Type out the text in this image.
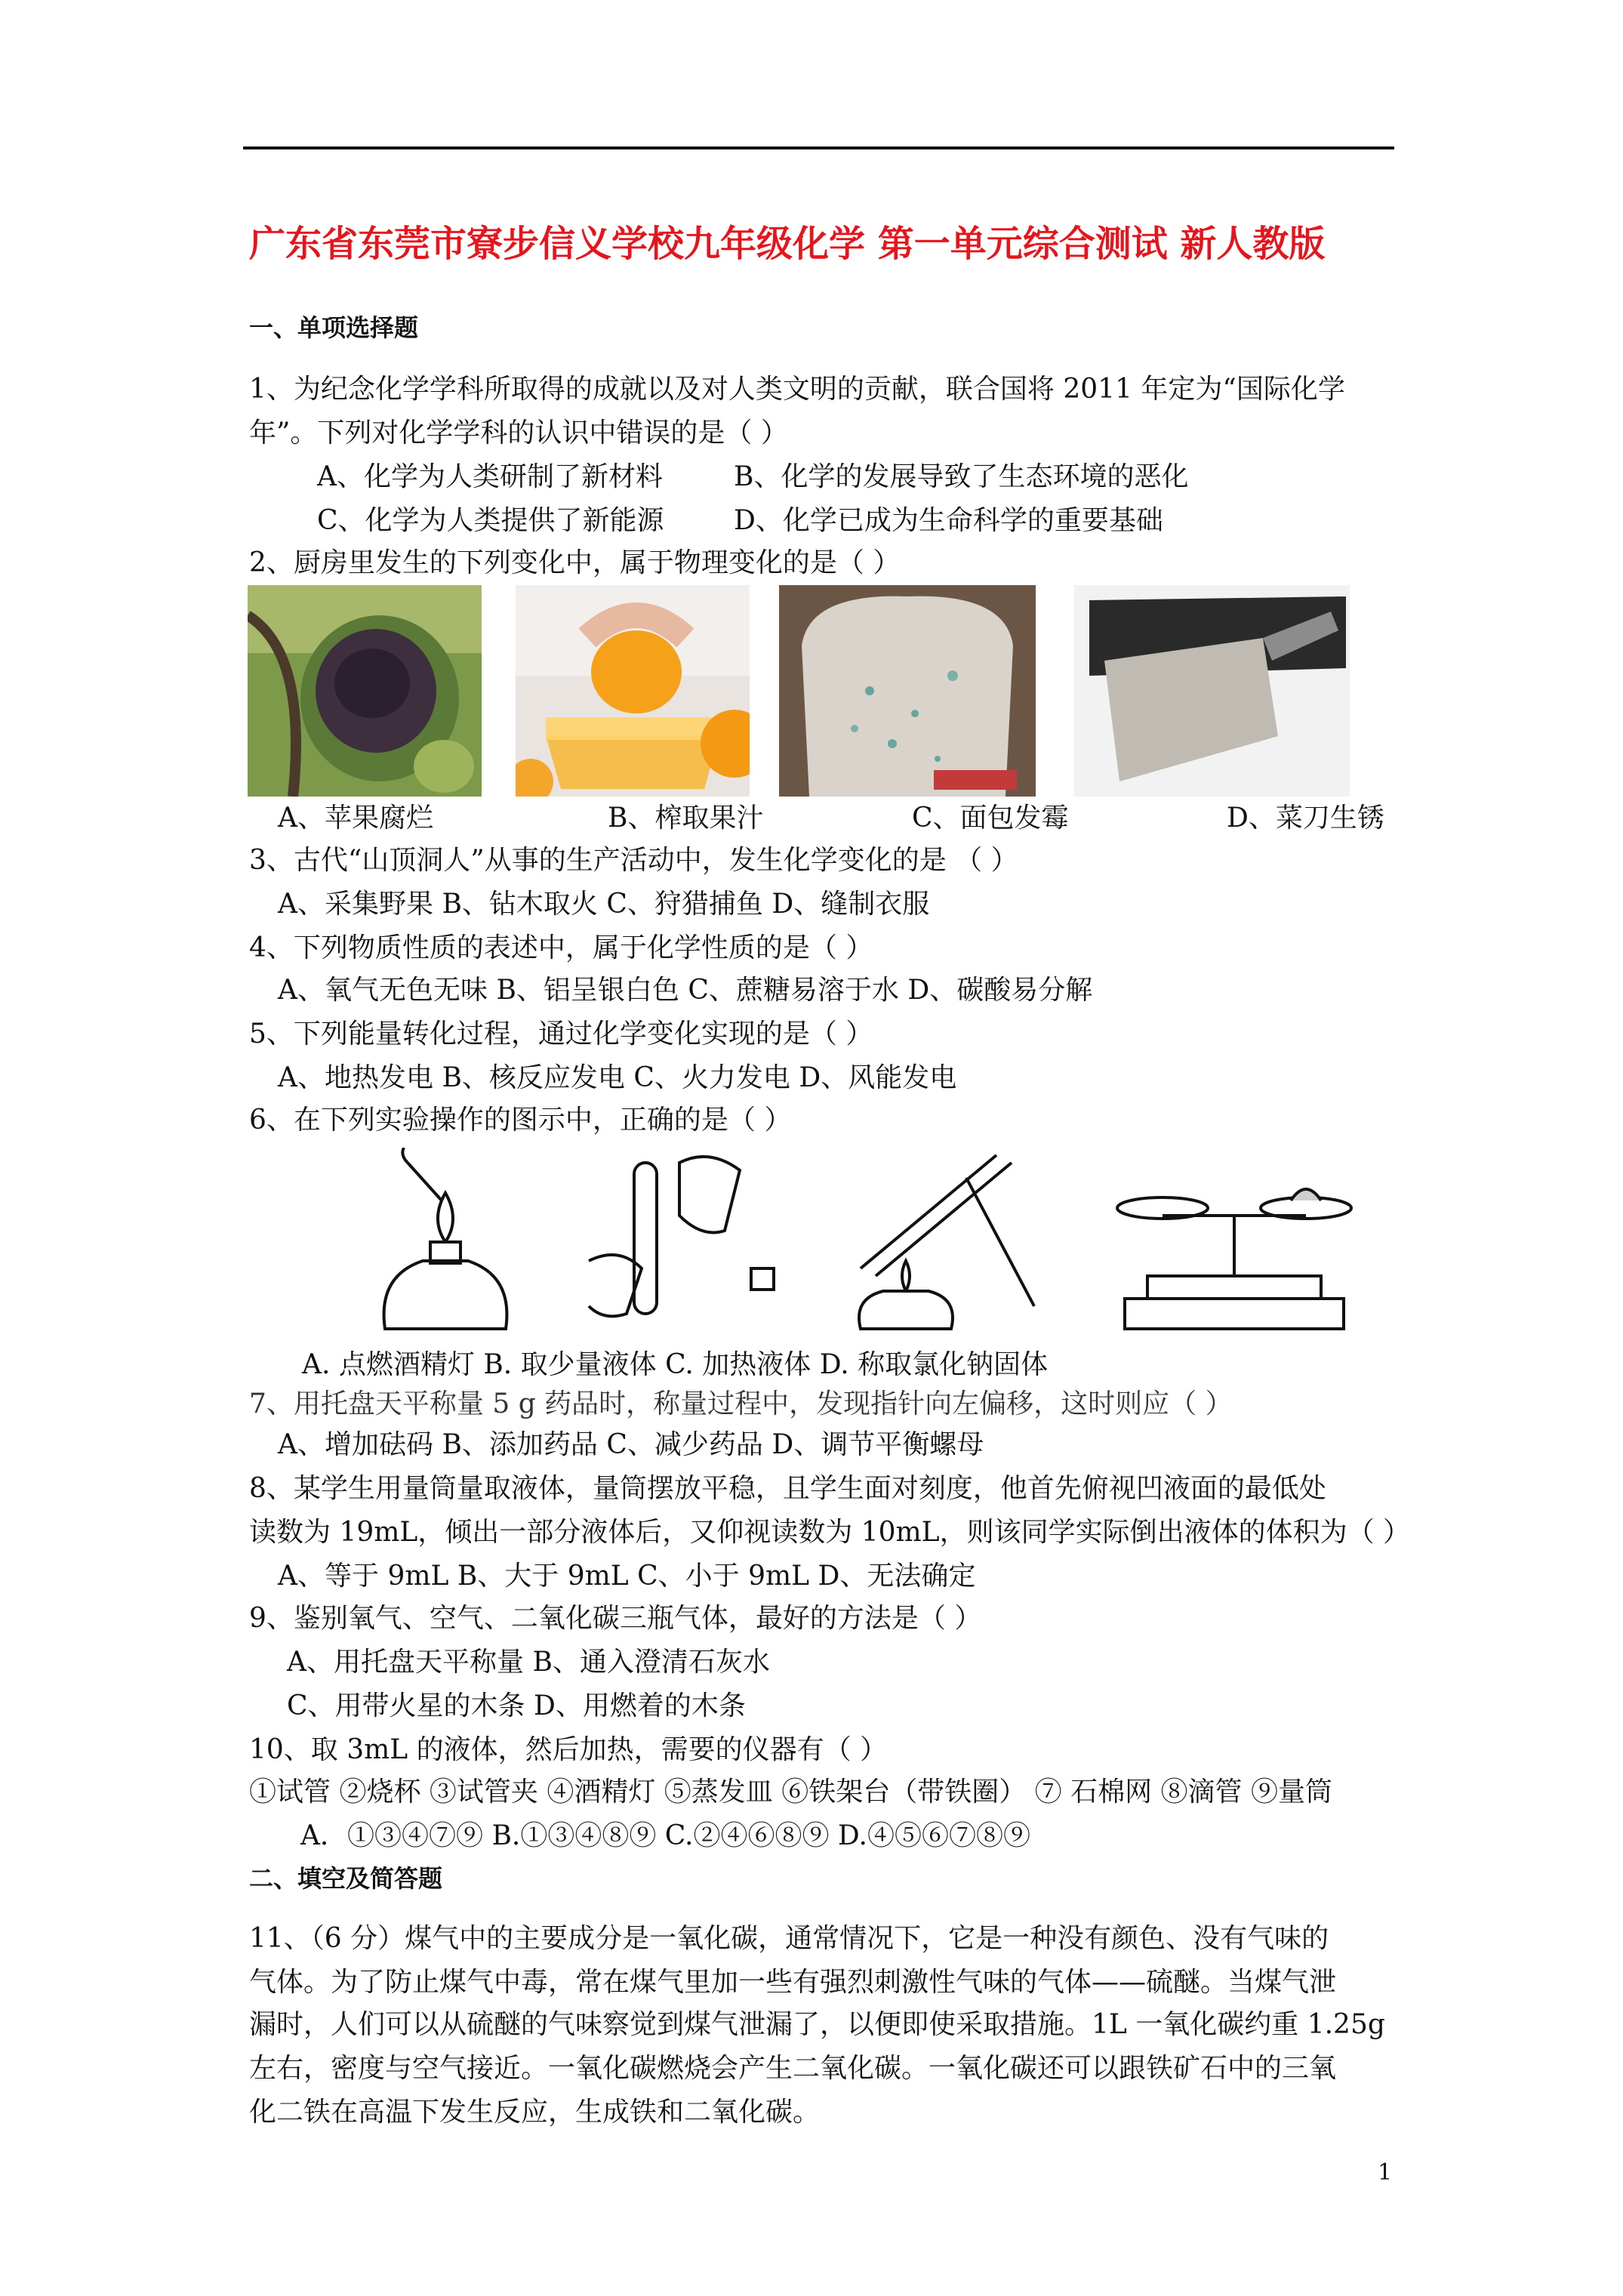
广东省东莞市寮步信义学校九年级化学 第一单元综合测试 新人教版
一、单项选择题
1、为纪念化学学科所取得的成就以及对人类文明的贡献，联合国将 2011 年定为“国际化学
年”。下列对化学学科的认识中错误的是（ ）
A、化学为人类研制了新材料	B、化学的发展导致了生态环境的恶化
C、化学为人类提供了新能源	D、化学已成为生命科学的重要基础
2、厨房里发生的下列变化中，属于物理变化的是（ ）
A、苹果腐烂	B、榨取果汁	C、面包发霉	D、菜刀生锈
3、古代“山顶洞人”从事的生产活动中，发生化学变化的是 （ ）
A、采集野果 B、钻木取火 C、狩猎捕鱼 D、缝制衣服
4、下列物质性质的表述中，属于化学性质的是（ ）
A、氧气无色无味 B、铝呈银白色 C、蔗糖易溶于水 D、碳酸易分解
5、下列能量转化过程，通过化学变化实现的是（ ）
A、地热发电 B、核反应发电 C、火力发电 D、风能发电
6、在下列实验操作的图示中，正确的是（ ）
A. 点燃酒精灯 B. 取少量液体 C. 加热液体 D. 称取氯化钠固体
7、用托盘天平称量 5 g 药品时，称量过程中，发现指针向左偏移，这时则应（ ）
A、增加砝码 B、添加药品 C、减少药品 D、调节平衡螺母
8、某学生用量筒量取液体，量筒摆放平稳，且学生面对刻度，他首先俯视凹液面的最低处
读数为 19mL，倾出一部分液体后，又仰视读数为 10mL，则该同学实际倒出液体的体积为（ ）
A、等于 9mL B、大于 9mL C、小于 9mL D、无法确定
9、鉴别氧气、空气、二氧化碳三瓶气体，最好的方法是（ ）
A、用托盘天平称量 B、通入澄清石灰水
C、用带火星的木条 D、用燃着的木条
10、取 3mL 的液体，然后加热，需要的仪器有（ ）
①试管 ②烧杯 ③试管夹 ④酒精灯 ⑤蒸发皿 ⑥铁架台（带铁圈） ⑦ 石棉网 ⑧滴管 ⑨量筒
A．①③④⑦⑨ B.①③④⑧⑨ C.②④⑥⑧⑨ D.④⑤⑥⑦⑧⑨
二、填空及简答题
11、（6 分）煤气中的主要成分是一氧化碳，通常情况下，它是一种没有颜色、没有气味的
气体。为了防止煤气中毒，常在煤气里加一些有强烈刺激性气味的气体——硫醚。当煤气泄
漏时，人们可以从硫醚的气味察觉到煤气泄漏了，以便即使采取措施。1L 一氧化碳约重 1.25g
左右，密度与空气接近。一氧化碳燃烧会产生二氧化碳。一氧化碳还可以跟铁矿石中的三氧
化二铁在高温下发生反应，生成铁和二氧化碳。
1
